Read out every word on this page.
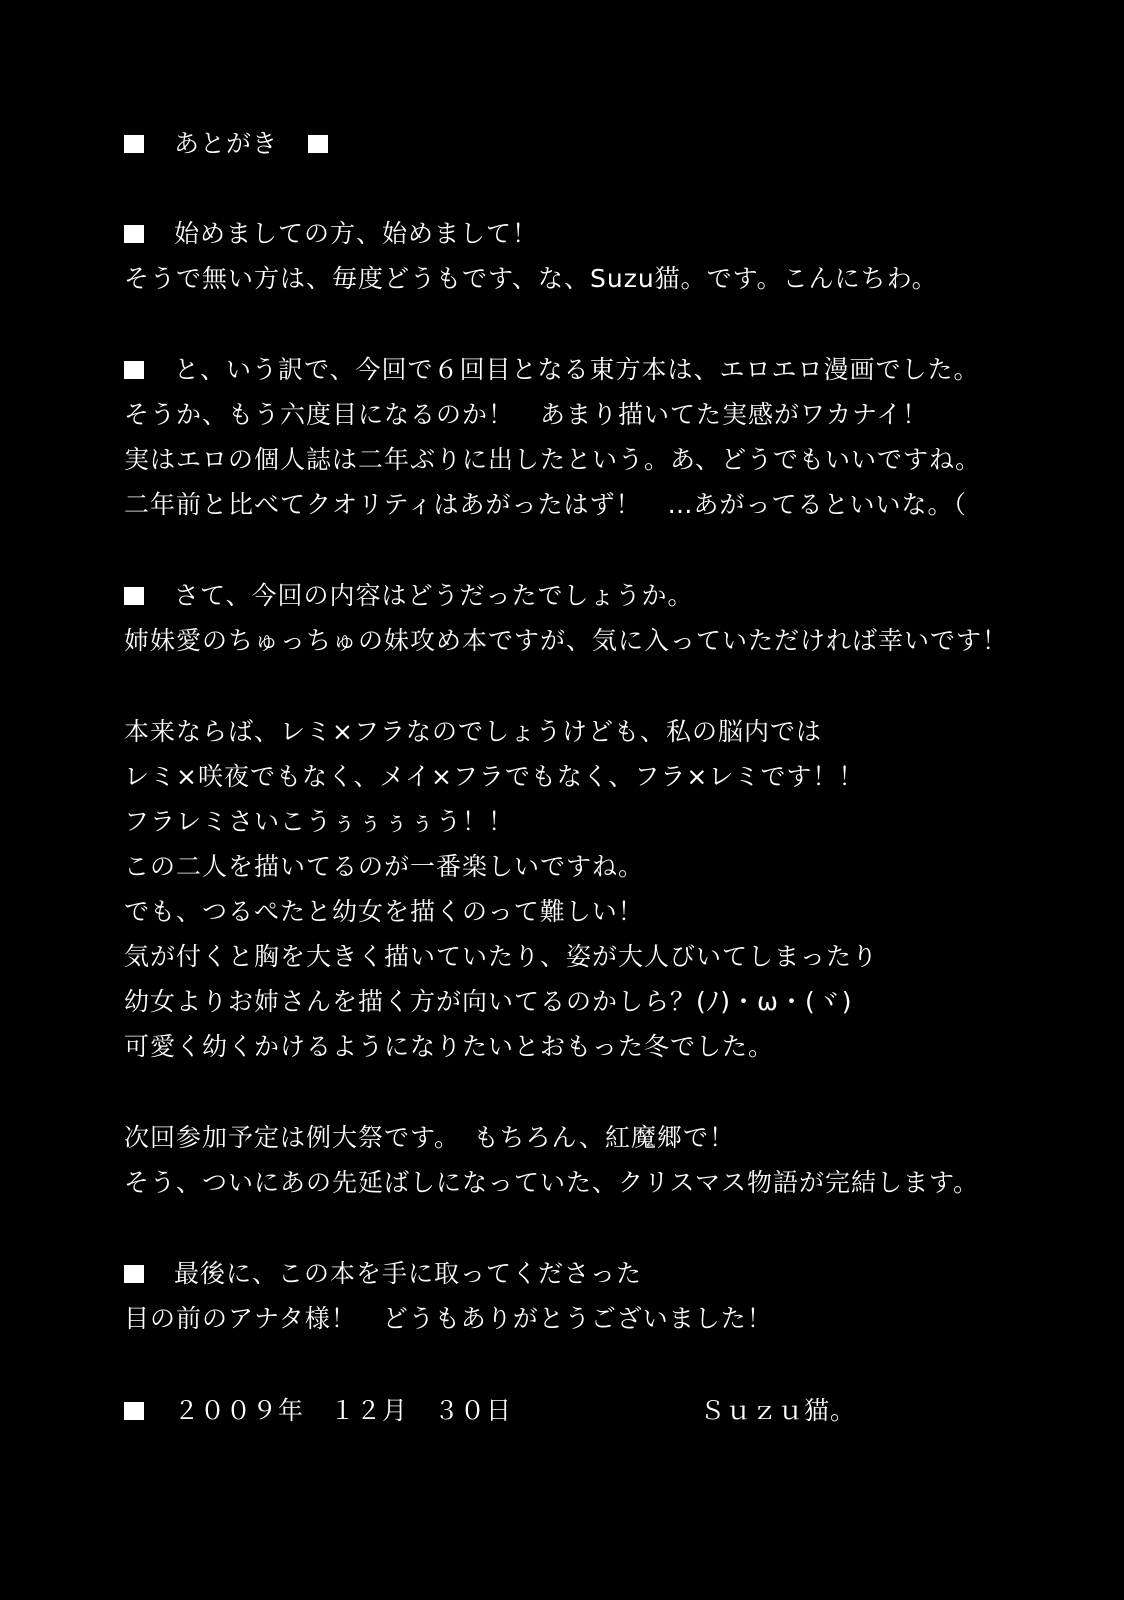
あとがき
始めましての方、始めまして！
そうで無い方は、毎度どうもです、な、Suzu猫。です。こんにちわ。
と、いう訳で、今回で６回目となる東方本は、エロエロ漫画でした。
そうか、もう六度目になるのか！　あまり描いてた実感がワカナイ！
実はエロの個人誌は二年ぶりに出したという。あ、どうでもいいですね。
二年前と比べてクオリティはあがったはず！　…あがってるといいな。（
さて、今回の内容はどうだったでしょうか。
姉妹愛のちゅっちゅの妹攻め本ですが、気に入っていただければ幸いです！
本来ならば、レミ×フラなのでしょうけども、私の脳内では
レミ×咲夜でもなく、メイ×フラでもなく、フラ×レミです！！
フラレミさいこうぅぅぅぅう！！
この二人を描いてるのが一番楽しいですね。
でも、つるぺたと幼女を描くのって難しい！
気が付くと胸を大きく描いていたり、姿が大人びいてしまったり
幼女よりお姉さんを描く方が向いてるのかしら？(ﾉ)・ω・(ヾ)
可愛く幼くかけるようになりたいとおもった冬でした。
次回参加予定は例大祭です。　もちろん、紅魔郷で！
そう、ついにあの先延ばしになっていた、クリスマス物語が完結します。
最後に、この本を手に取ってくださった
目の前のアナタ様！　どうもありがとうございました！
２００９年　１２月　３０日	Ｓｕｚｕ猫。
